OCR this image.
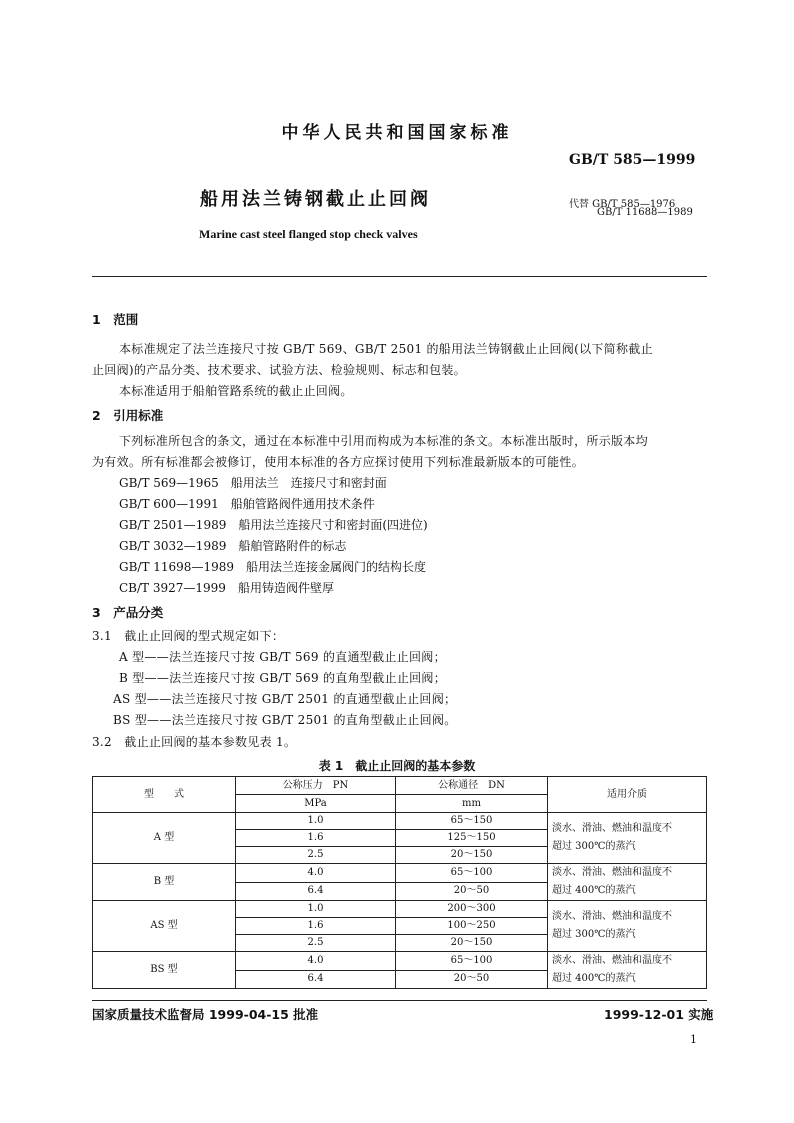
中华人民共和国国家标准
GB/T 585—1999
船用法兰铸钢截止止回阀	代替 GB/T 585—1976
GB/T 11688—1989
Marine cast steel flanged stop check valves
1　范围
本标准规定了法兰连接尺寸按 GB/T 569、GB/T 2501 的船用法兰铸钢截止止回阀(以下简称截止
止回阀)的产品分类、技术要求、试验方法、检验规则、标志和包装。
本标准适用于船舶管路系统的截止止回阀。
2　引用标准
下列标准所包含的条文，通过在本标准中引用而构成为本标准的条文。本标准出版时，所示版本均
为有效。所有标准都会被修订，使用本标准的各方应探讨使用下列标准最新版本的可能性。
GB/T 569—1965　船用法兰　连接尺寸和密封面
GB/T 600—1991　船舶管路阀件通用技术条件
GB/T 2501—1989　船用法兰连接尺寸和密封面(四进位)
GB/T 3032—1989　船舶管路附件的标志
GB/T 11698—1989　船用法兰连接金属阀门的结构长度
CB/T 3927—1999　船用铸造阀件壁厚
3　产品分类
3.1　截止止回阀的型式规定如下：
A 型——法兰连接尺寸按 GB/T 569 的直通型截止止回阀；
B 型——法兰连接尺寸按 GB/T 569 的直角型截止止回阀；
AS 型——法兰连接尺寸按 GB/T 2501 的直通型截止止回阀；
BS 型——法兰连接尺寸按 GB/T 2501 的直角型截止止回阀。
3.2　截止止回阀的基本参数见表 1。
表 1　截止止回阀的基本参数
型　　式	公称压力　PN	公称通径　DN	适用介质
	MPa	mm	
A 型	1.0	65～150	淡水、滑油、燃油和温度不
超过 300℃的蒸汽

	1.6	125～150	
	2.5	20～150	
B 型	4.0	65～100	淡水、滑油、燃油和温度不
超过 400℃的蒸汽

	6.4	20～50	
AS 型	1.0	200～300	淡水、滑油、燃油和温度不
超过 300℃的蒸汽

	1.6	100～250	
	2.5	20～150	
BS 型	4.0	65～100	淡水、滑油、燃油和温度不
超过 400℃的蒸汽

	6.4	20～50	
国家质量技术监督局 1999-04-15 批准	1999-12-01 实施
1
